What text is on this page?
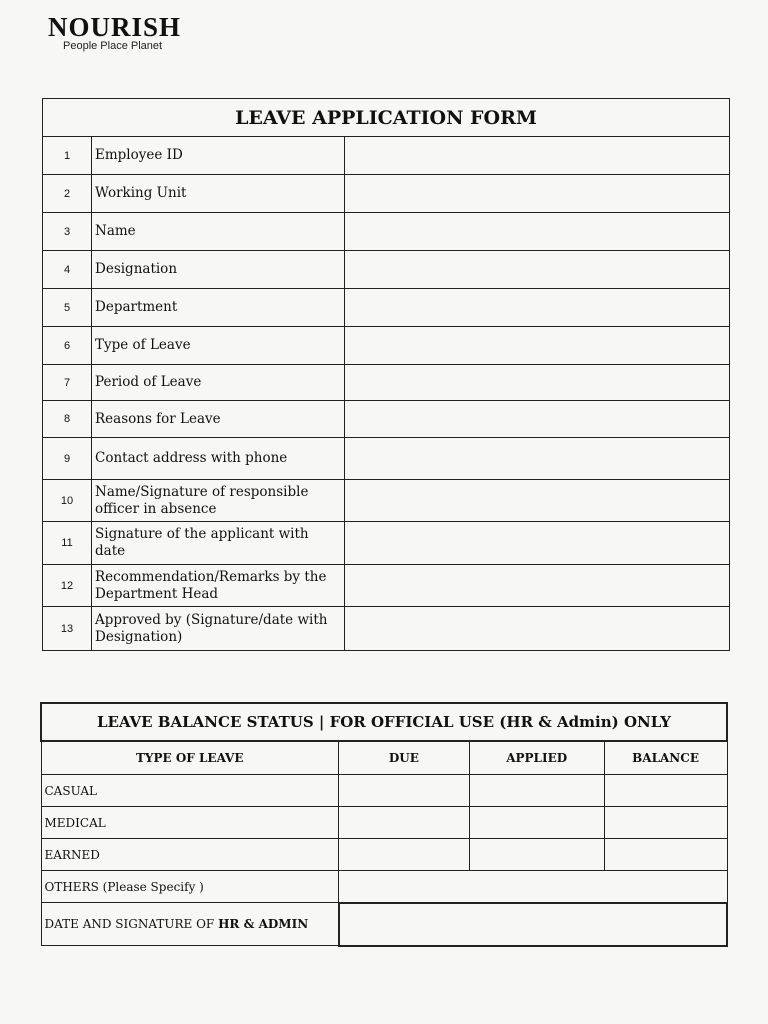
NOURISH
People Place Planet
LEAVE APPLICATION FORM		
1	Employee ID	
2	Working Unit	
3	Name	
4	Designation	
5	Department	
6	Type of Leave	
7	Period of Leave	
8	Reasons for Leave	
9	Contact address with phone	
10	Name/Signature of responsible officer in absence	
11	Signature of the applicant with date	
12	Recommendation/Remarks by the Department Head	
13	Approved by (Signature/date with Designation)	
LEAVE BALANCE STATUS | FOR OFFICIAL USE (HR & Admin) ONLY			
TYPE OF LEAVE	DUE	APPLIED	BALANCE
CASUAL			
MEDICAL			
EARNED			
OTHERS (Please Specify )			
DATE AND SIGNATURE OF HR & ADMIN			
